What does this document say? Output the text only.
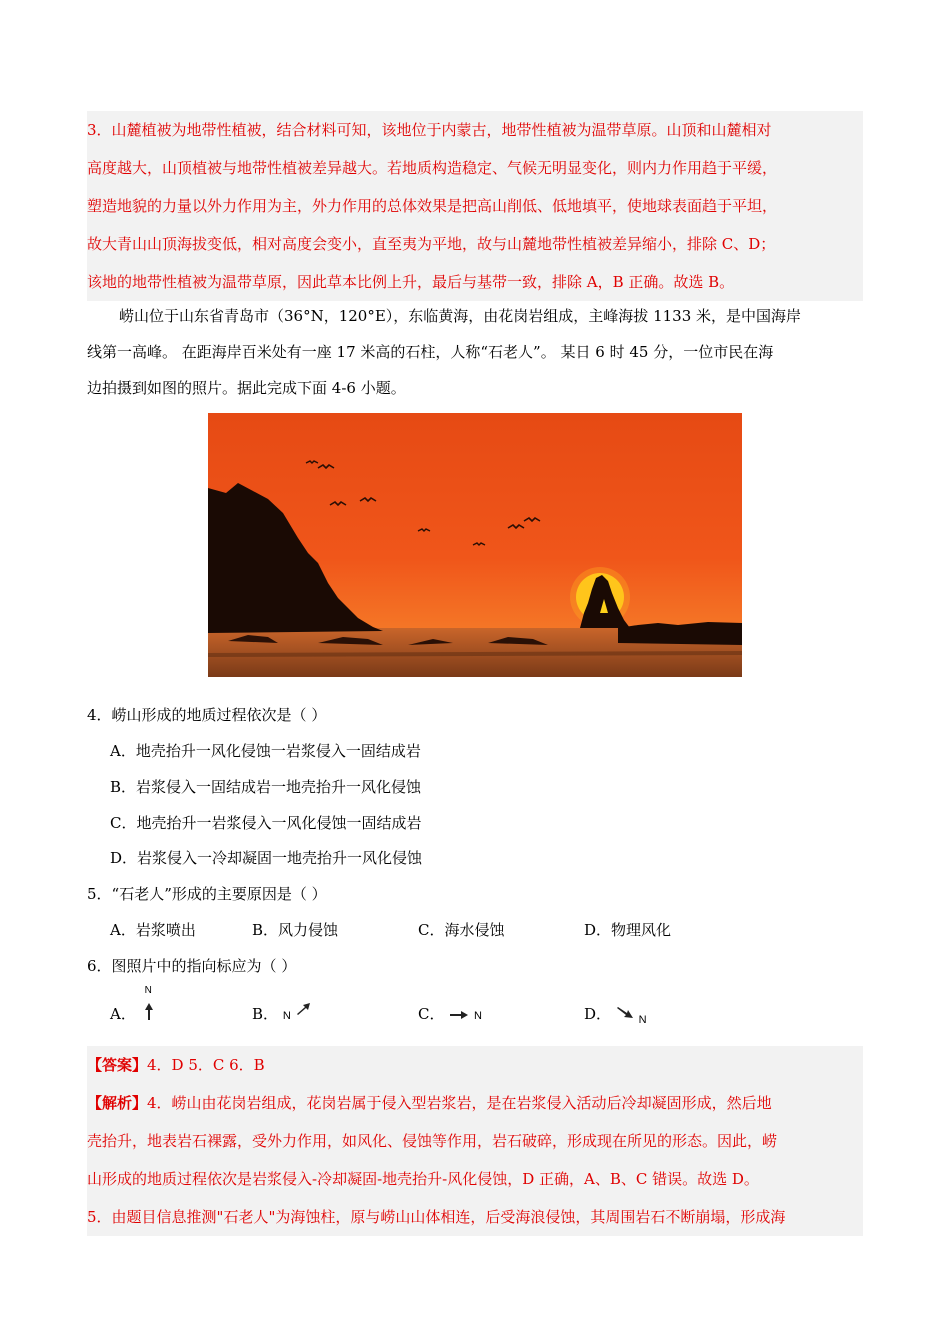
3．山麓植被为地带性植被，结合材料可知，该地位于内蒙古，地带性植被为温带草原。山顶和山麓相对
高度越大，山顶植被与地带性植被差异越大。若地质构造稳定、气候无明显变化，则内力作用趋于平缓，
塑造地貌的力量以外力作用为主，外力作用的总体效果是把高山削低、低地填平，使地球表面趋于平坦，
故大青山山顶海拔变低，相对高度会变小，直至夷为平地，故与山麓地带性植被差异缩小，排除 C、D；
该地的地带性植被为温带草原，因此草本比例上升，最后与基带一致，排除 A，B 正确。故选 B。
崂山位于山东省青岛市（36°N，120°E），东临黄海，由花岗岩组成，主峰海拔 1133 米，是中国海岸
线第一高峰。 在距海岸百米处有一座 17 米高的石柱，人称“石老人”。 某日 6 时 45 分，一位市民在海
边拍摄到如图的照片。据此完成下面 4-6 小题。
4．崂山形成的地质过程依次是（ ）
A．地壳抬升一风化侵蚀一岩浆侵入一固结成岩
B．岩浆侵入一固结成岩一地壳抬升一风化侵蚀
C．地壳抬升一岩浆侵入一风化侵蚀一固结成岩
D．岩浆侵入一冷却凝固一地壳抬升一风化侵蚀
5．“石老人”形成的主要原因是（ ）
A．岩浆喷出	B．风力侵蚀	C．海水侵蚀	D．物理风化
6．图照片中的指向标应为（ ）
A．
N
B． N	C．	N	D．	$_N$
【答案】4．D 5．C 6．B
【解析】4．崂山由花岗岩组成，花岗岩属于侵入型岩浆岩，是在岩浆侵入活动后冷却凝固形成，然后地
壳抬升，地表岩石裸露，受外力作用，如风化、侵蚀等作用，岩石破碎，形成现在所见的形态。因此，崂
山形成的地质过程依次是岩浆侵入-冷却凝固-地壳抬升-风化侵蚀，D 正确，A、B、C 错误。故选 D。
5．由题目信息推测"石老人"为海蚀柱，原与崂山山体相连，后受海浪侵蚀，其周围岩石不断崩塌，形成海
